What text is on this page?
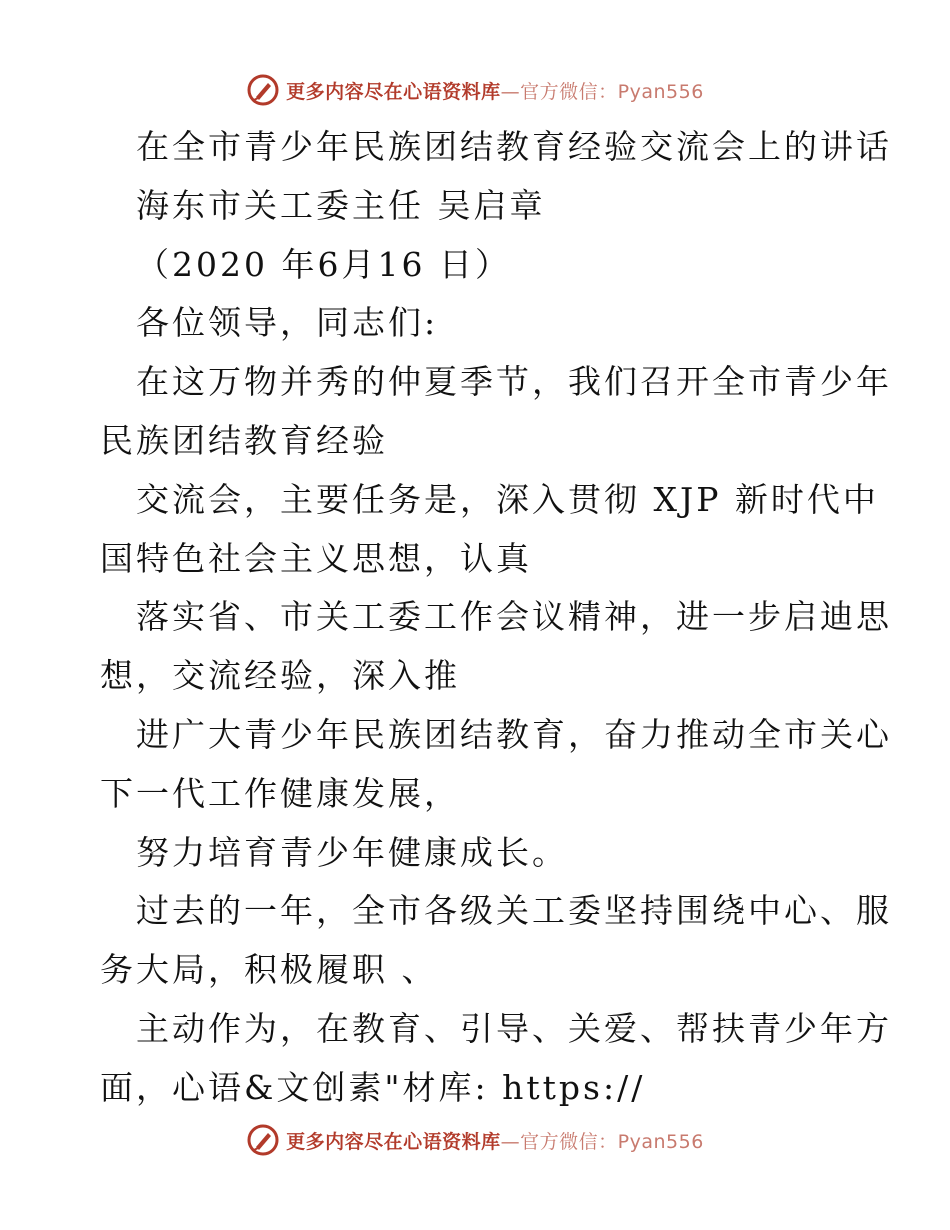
更多内容尽在心语资料库—官方微信：Pyan556
在全市青少年民族团结教育经验交流会上的讲话
海东市关工委主任 吴启章
（2020 年6月16 日）
各位领导，同志们:
在这万物并秀的仲夏季节，我们召开全市青少年
民族团结教育经验
交流会，主要任务是，深入贯彻 XJP 新时代中
国特色社会主义思想，认真
落实省、市关工委工作会议精神，进一步启迪思
想，交流经验，深入推
进广大青少年民族团结教育，奋力推动全市关心
下一代工作健康发展，
努力培育青少年健康成长。
过去的一年，全市各级关工委坚持围绕中心、服
务大局，积极履职 、
主动作为，在教育、引导、关爱、帮扶青少年方
面，心语&文创素"材库: https://
更多内容尽在心语资料库—官方微信：Pyan556
